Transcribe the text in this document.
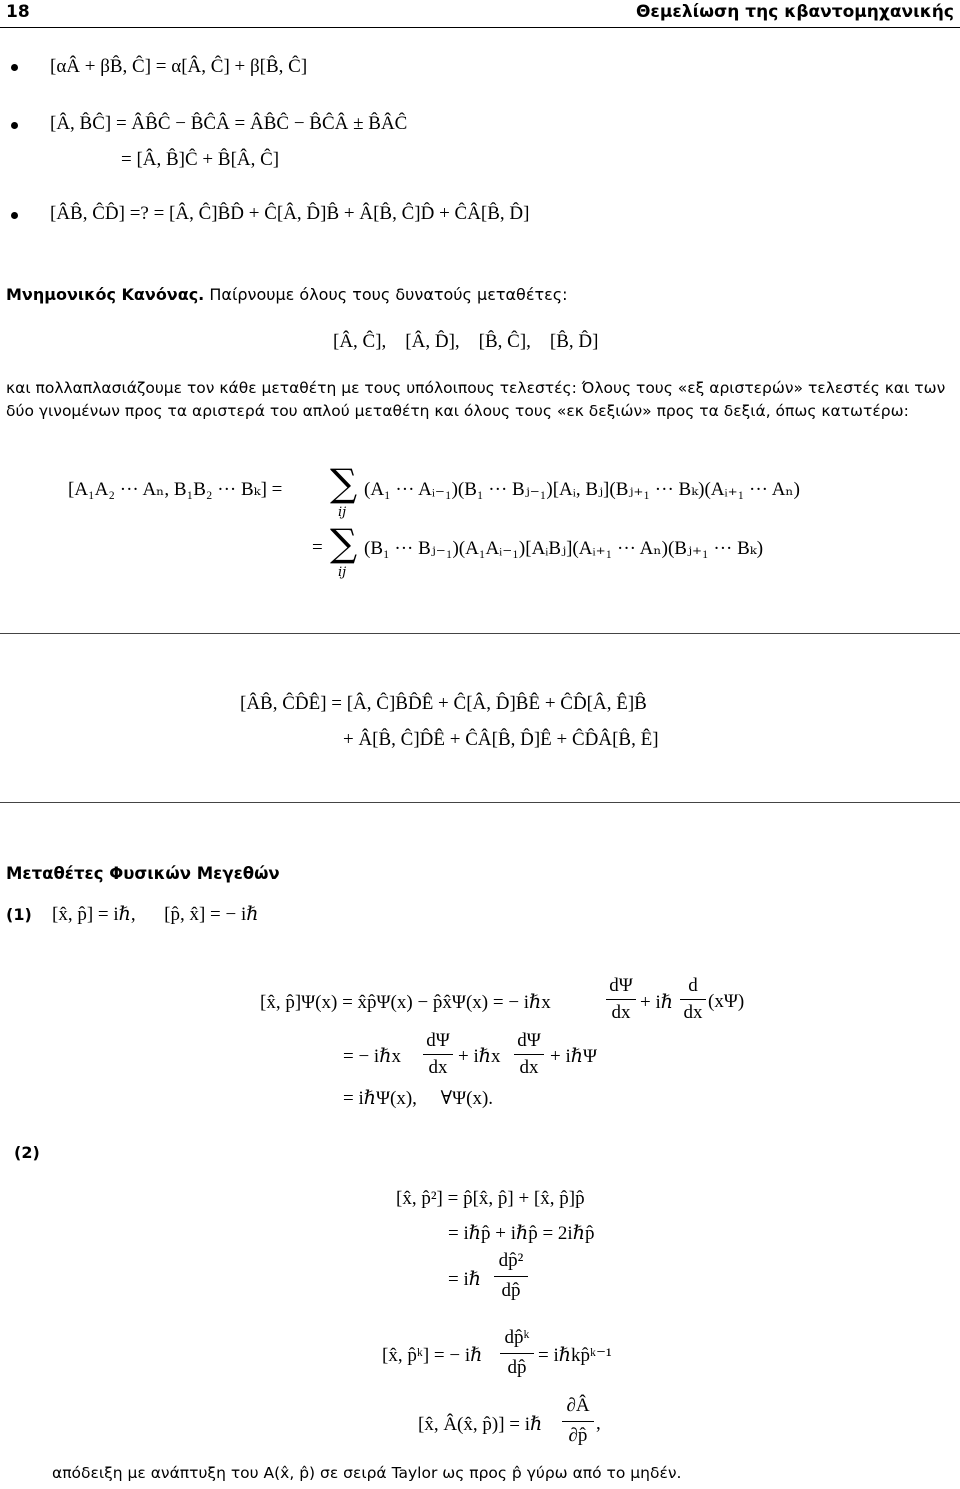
18	Θεμελίωση της κβαντομηχανικής
[αÂ + βB̂, Ĉ] = α[Â, Ĉ] + β[B̂, Ĉ]
[Â, B̂Ĉ] = ÂB̂Ĉ − B̂ĈÂ = ÂB̂Ĉ − B̂ĈÂ ± B̂ÂĈ
= [Â, B̂]Ĉ + B̂[Â, Ĉ]
[ÂB̂, ĈD̂] =? = [Â, Ĉ]B̂D̂ + Ĉ[Â, D̂]B̂ + Â[B̂, Ĉ]D̂ + ĈÂ[B̂, D̂]
Μνημονικός Κανόνας. Παίρνουμε όλους τους δυνατούς μεταθέτες:
[Â, Ĉ],    [Â, D̂],    [B̂, Ĉ],    [B̂, D̂]
και πολλαπλασιάζουμε τον κάθε μεταθέτη με τους υπόλοιπους τελεστές: Όλους τους «εξ αριστερών» τελεστές και των δύο γινομένων προς τα αριστερά του απλού μεταθέτη και όλους τους «εκ δεξιών» προς τα δεξιά, όπως κατωτέρω:
[A₁A₂ ··· Aₙ, B₁B₂ ··· Bₖ] = ∑
ij
(A₁ ··· Aᵢ₋₁)(B₁ ··· Bⱼ₋₁)[Aᵢ, Bⱼ](Bⱼ₊₁ ··· Bₖ)(Aᵢ₊₁ ··· Aₙ)
= ∑
ij
(B₁ ··· Bⱼ₋₁)(A₁Aᵢ₋₁)[AᵢBⱼ](Aᵢ₊₁ ··· Aₙ)(Bⱼ₊₁ ··· Bₖ)
[ÂB̂, ĈD̂Ê] = [Â, Ĉ]B̂D̂Ê + Ĉ[Â, D̂]B̂Ê + ĈD̂[Â, Ê]B̂
+ Â[B̂, Ĉ]D̂Ê + ĈÂ[B̂, D̂]Ê + ĈD̂Â[B̂, Ê]
Μεταθέτες Φυσικών Μεγεθών
(1) [x̂, p̂] = iℏ,      [p̂, x̂] = − iℏ
[x̂, p̂]Ψ(x) = x̂p̂Ψ(x) − p̂x̂Ψ(x) = − iℏx
dΨ
dx + iℏ
d
dx
(xΨ)
= − iℏx
dΨ
dx
+ iℏx
dΨ
dx
+ iℏΨ
= iℏΨ(x),     ∀Ψ(x).
(2)
[x̂, p̂²] = p̂[x̂, p̂] + [x̂, p̂]p̂
= iℏp̂ + iℏp̂ = 2iℏp̂
= iℏ
dp̂²
dp̂
[x̂, p̂ᵏ] = − iℏ
dp̂ᵏ
dp̂
= iℏkp̂ᵏ⁻¹
[x̂, Â(x̂, p̂)] = iℏ
∂Â
∂p̂
,
απόδειξη με ανάπτυξη του A(x̂, p̂) σε σειρά Taylor ως προς p̂ γύρω από το μηδέν.
